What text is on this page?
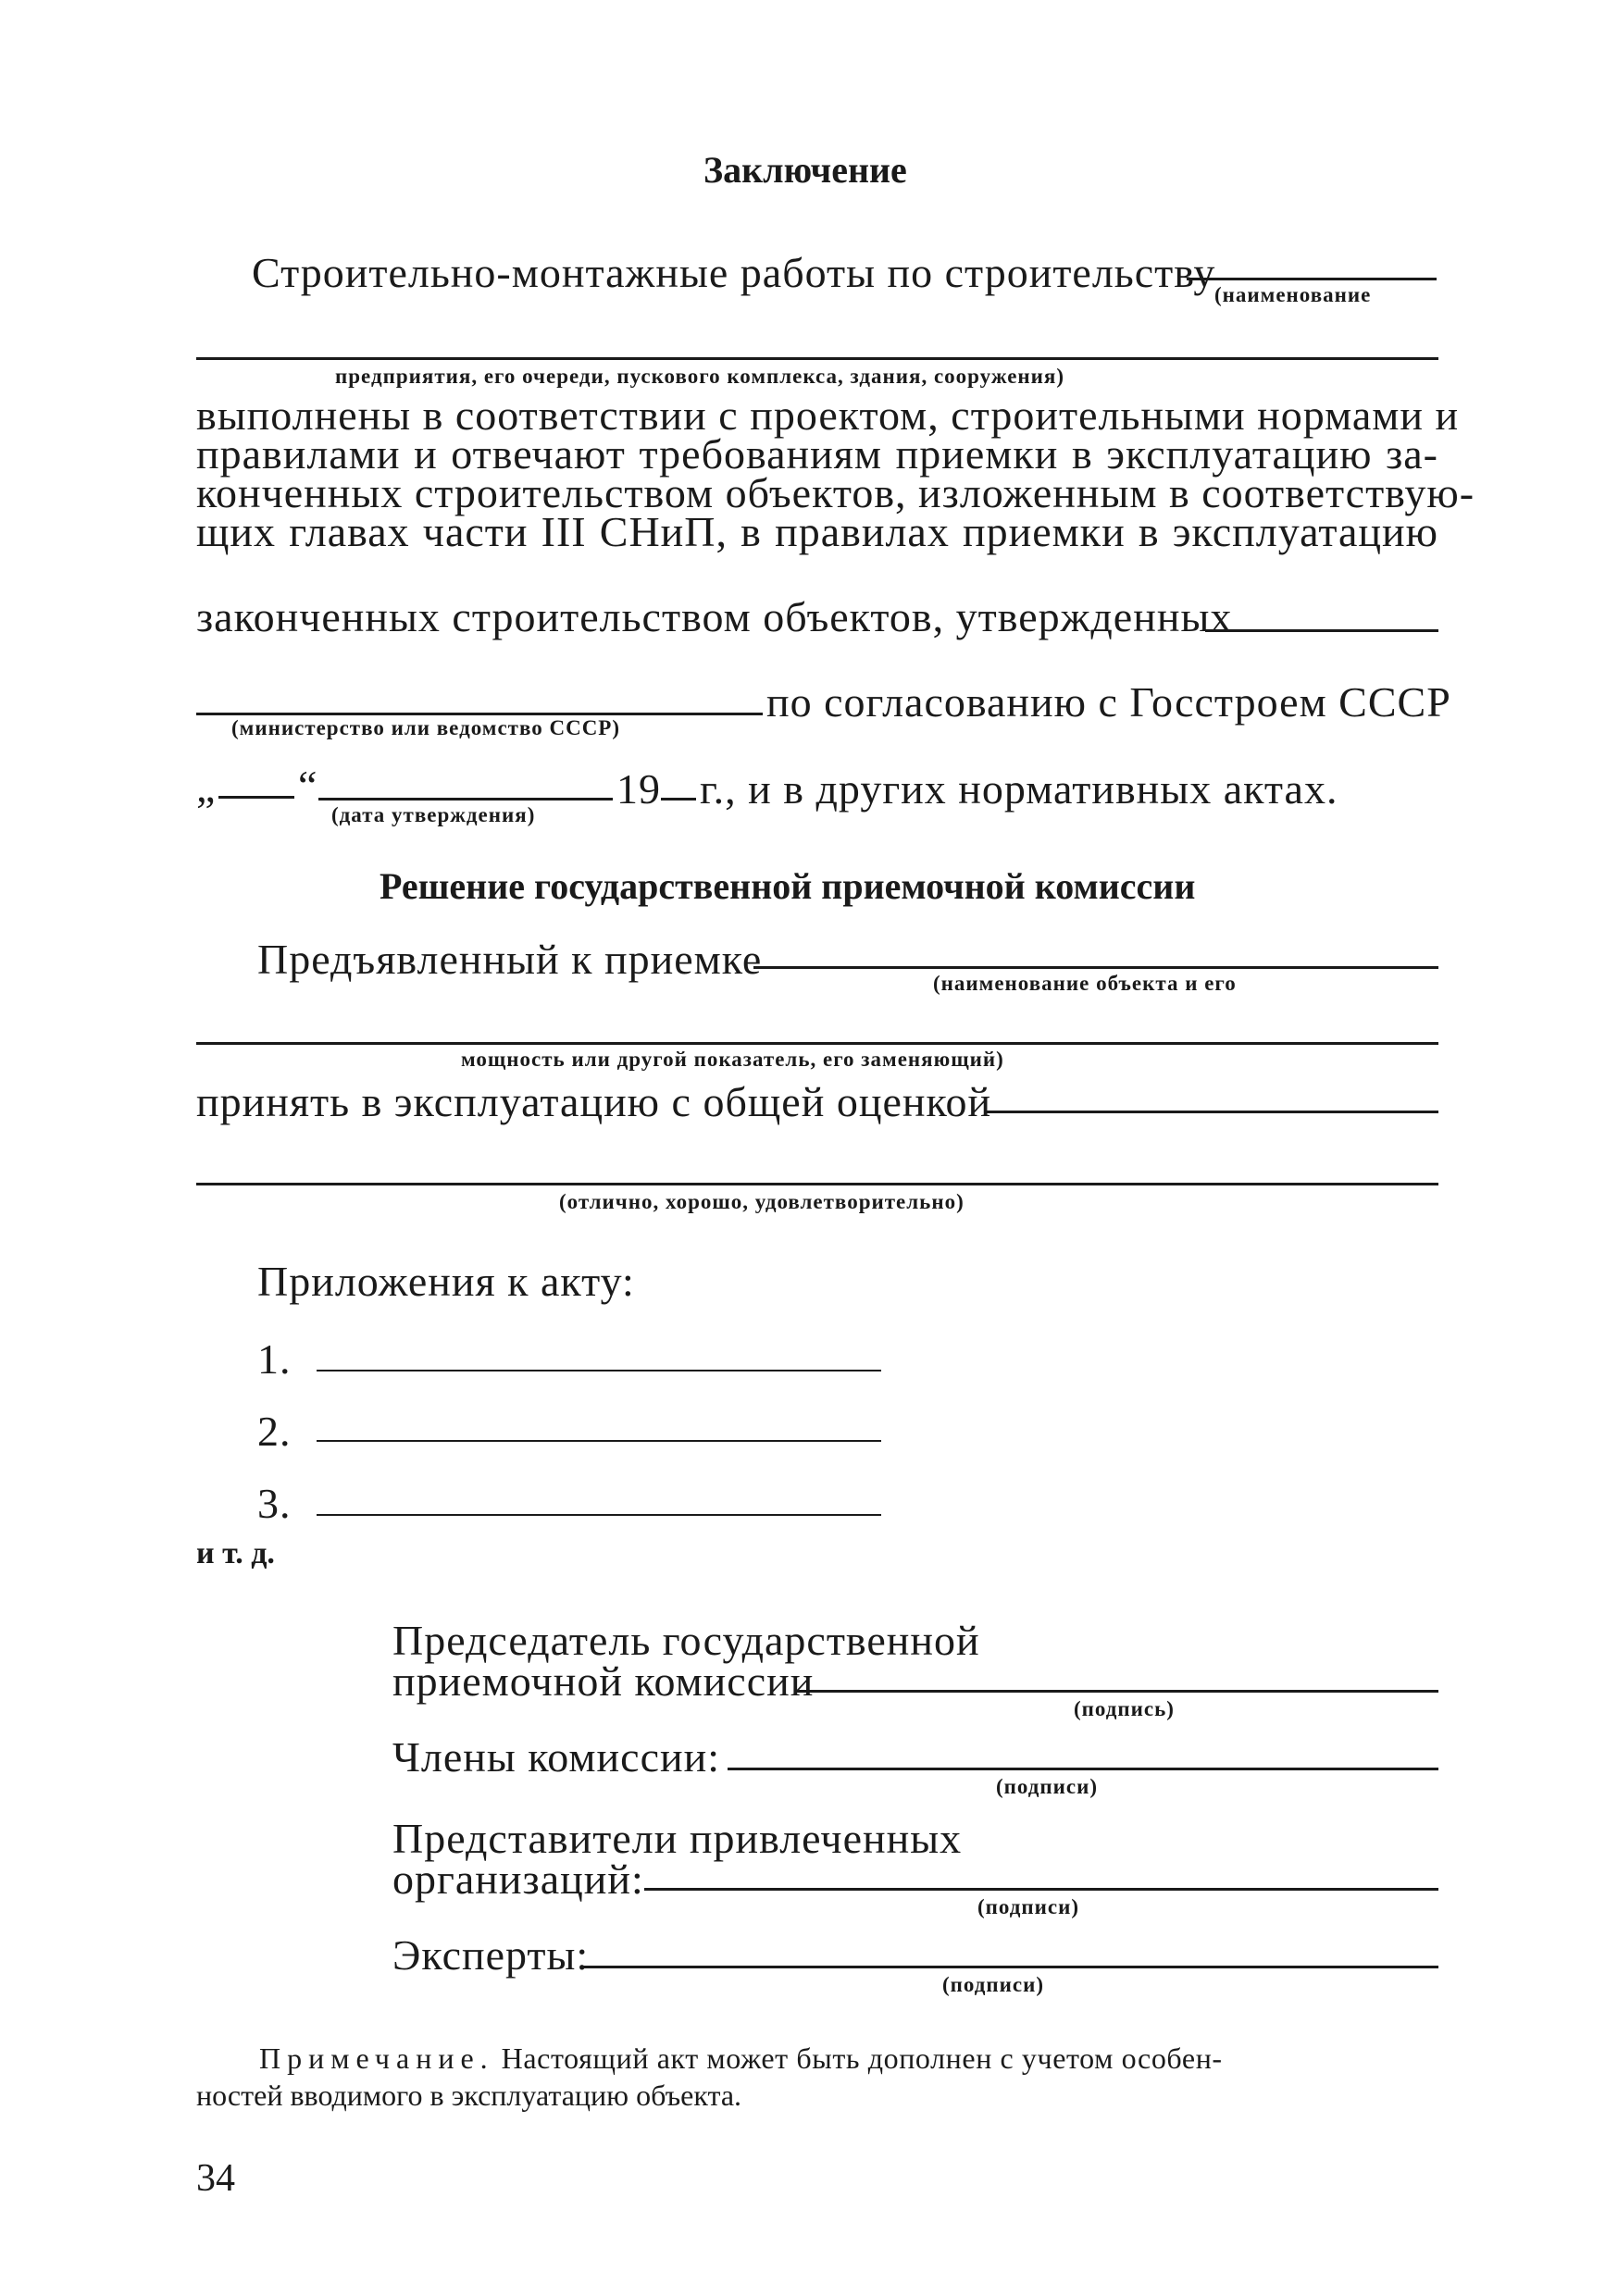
Заключение
Строительно-монтажные работы по строительству
(наименование
предприятия, его очереди, пускового комплекса, здания, сооружения)
выполнены в соответствии с проектом, строительными нормами и
правилами и отвечают требованиям приемки в эксплуатацию за-
конченных строительством объектов, изложенным в соответствую-
щих главах части III СНиП, в правилах приемки в эксплуатацию
законченных строительством объектов, утвержденных
(министерство или ведомство СССР)
по согласованию с Госстроем СССР
„ “
(дата утверждения)
19 г., и в других нормативных актах.
Решение государственной приемочной комиссии
Предъявленный к приемке
(наименование объекта и его
мощность или другой показатель, его заменяющий)
принять в эксплуатацию с общей оценкой
(отлично, хорошо, удовлетворительно)
Приложения к акту:
1.
2.
3.
и т. д.
Председатель государственной
приемочной комиссии
(подпись)
Члены комиссии:
(подписи)
Представители привлеченных
организаций:
(подписи)
Эксперты:
(подписи)
Примечание. Настоящий акт может быть дополнен с учетом особен-
ностей вводимого в эксплуатацию объекта.
34
